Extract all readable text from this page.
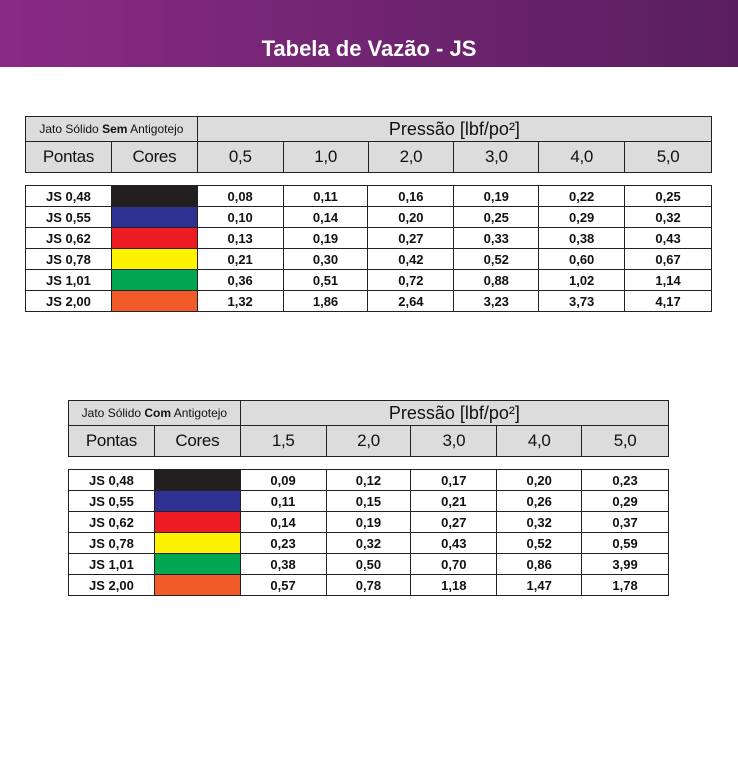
Tabela de Vazão - JS
Jato Sólido Sem Antigotejo		Pressão [lbf/po²]					
Pontas	Cores	0,5	1,0	2,0	3,0	4,0	5,0
JS 0,48		0,08	0,11	0,16	0,19	0,22	0,25
JS 0,55		0,10	0,14	0,20	0,25	0,29	0,32
JS 0,62		0,13	0,19	0,27	0,33	0,38	0,43
JS 0,78		0,21	0,30	0,42	0,52	0,60	0,67
JS 1,01		0,36	0,51	0,72	0,88	1,02	1,14
JS 2,00		1,32	1,86	2,64	3,23	3,73	4,17
Jato Sólido Com Antigotejo		Pressão [lbf/po²]				
Pontas	Cores	1,5	2,0	3,0	4,0	5,0
JS 0,48		0,09	0,12	0,17	0,20	0,23
JS 0,55		0,11	0,15	0,21	0,26	0,29
JS 0,62		0,14	0,19	0,27	0,32	0,37
JS 0,78		0,23	0,32	0,43	0,52	0,59
JS 1,01		0,38	0,50	0,70	0,86	3,99
JS 2,00		0,57	0,78	1,18	1,47	1,78
